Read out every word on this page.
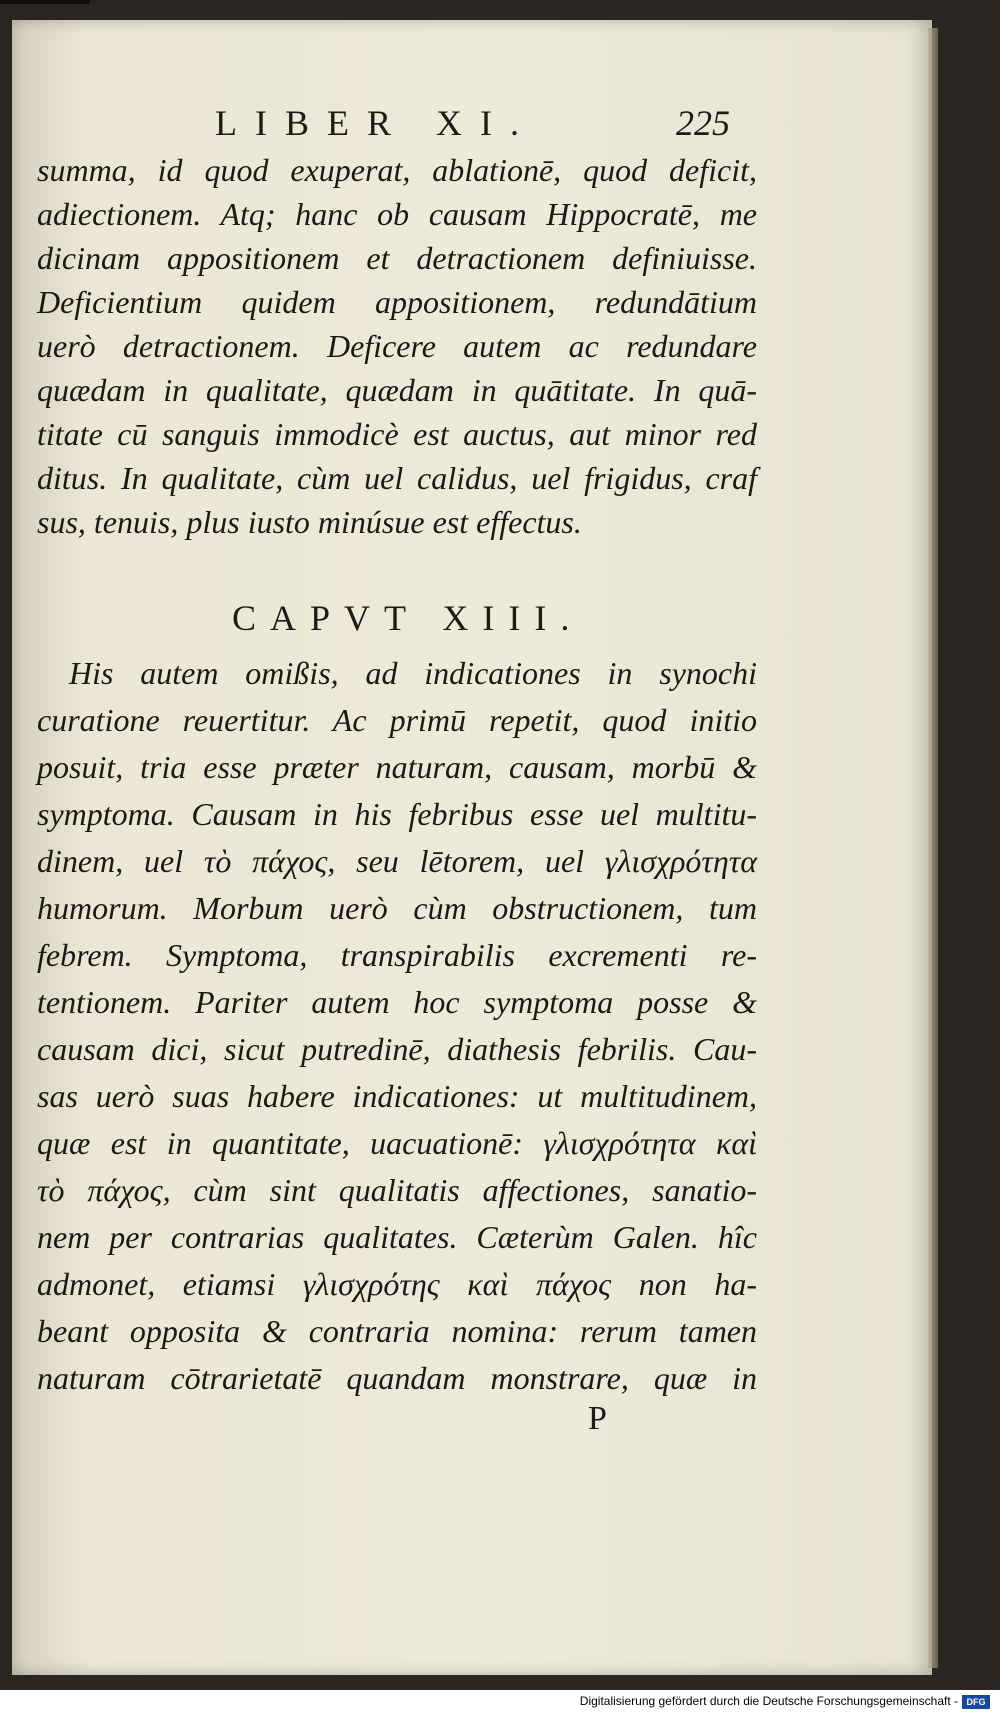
LIBER XI.	225
summa, id quod exuperat, ablationē, quod deficit,
adiectionem. Atq; hanc ob causam Hippocratē, me
dicinam appositionem et detractionem definiuisse.
Deficientium quidem appositionem, redundātium
uerò detractionem. Deficere autem ac redundare
quædam in qualitate, quædam in quātitate. In quā-
titate cū sanguis immodicè est auctus, aut minor red
ditus. In qualitate, cùm uel calidus, uel frigidus, craf
sus, tenuis, plus iusto minúsue est effectus.
CAPVT XIII.
His autem omißis, ad indicationes in synochi
curatione reuertitur. Ac primū repetit, quod initio
posuit, tria esse præter naturam, causam, morbū &
symptoma. Causam in his febribus esse uel multitu-
dinem, uel τὸ πάχος, seu lētorem, uel γλισχρότητα
humorum. Morbum uerò cùm obstructionem, tum
febrem. Symptoma, transpirabilis excrementi re-
tentionem. Pariter autem hoc symptoma posse &
causam dici, sicut putredinē, diathesis febrilis. Cau-
sas uerò suas habere indicationes: ut multitudinem,
quæ est in quantitate, uacuationē: γλισχρότητα καὶ
τὸ πάχος, cùm sint qualitatis affectiones, sanatio-
nem per contrarias qualitates. Cæterùm Galen. hîc
admonet, etiamsi γλισχρότης καὶ πάχος non ha-
beant opposita & contraria nomina: rerum tamen
naturam cōtrarietatē quandam monstrare, quæ in
P
Digitalisierung gefördert durch die Deutsche Forschungsgemeinschaft - DFG
